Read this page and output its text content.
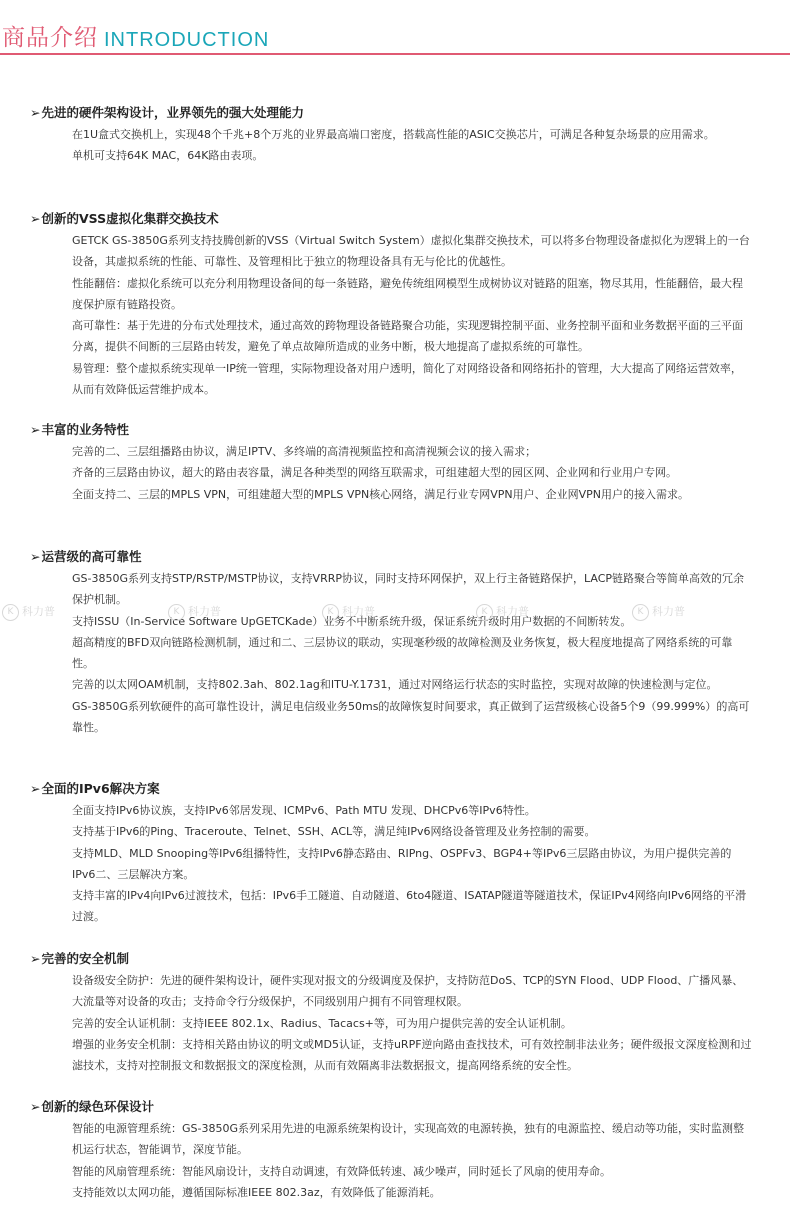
商品介绍 INTRODUCTION
➢先进的硬件架构设计，业界领先的强大处理能力
在1U盒式交换机上，实现48个千兆+8个万兆的业界最高端口密度，搭载高性能的ASIC交换芯片，可满足各种复杂场景的应用需求。
单机可支持64K MAC，64K路由表项。
➢创新的VSS虚拟化集群交换技术
GETCK GS-3850G系列支持技腾创新的VSS（Virtual Switch System）虚拟化集群交换技术，可以将多台物理设备虚拟化为逻辑上的一台设备，其虚拟系统的性能、可靠性、及管理相比于独立的物理设备具有无与伦比的优越性。
性能翻倍：虚拟化系统可以充分利用物理设备间的每一条链路，避免传统组网模型生成树协议对链路的阻塞，物尽其用，性能翻倍，最大程度保护原有链路投资。
高可靠性：基于先进的分布式处理技术，通过高效的跨物理设备链路聚合功能，实现逻辑控制平面、业务控制平面和业务数据平面的三平面分离，提供不间断的三层路由转发，避免了单点故障所造成的业务中断，极大地提高了虚拟系统的可靠性。
易管理：整个虚拟系统实现单一IP统一管理，实际物理设备对用户透明，简化了对网络设备和网络拓扑的管理，大大提高了网络运营效率，从而有效降低运营维护成本。
➢丰富的业务特性
完善的二、三层组播路由协议，满足IPTV、多终端的高清视频监控和高清视频会议的接入需求；
齐备的三层路由协议，超大的路由表容量，满足各种类型的网络互联需求，可组建超大型的园区网、企业网和行业用户专网。
全面支持二、三层的MPLS VPN，可组建超大型的MPLS VPN核心网络，满足行业专网VPN用户、企业网VPN用户的接入需求。
➢运营级的高可靠性
GS-3850G系列支持STP/RSTP/MSTP协议，支持VRRP协议，同时支持环网保护，双上行主备链路保护，LACP链路聚合等简单高效的冗余保护机制。
支持ISSU（In-Service Software UpGETCKade）业务不中断系统升级，保证系统升级时用户数据的不间断转发。
超高精度的BFD双向链路检测机制，通过和二、三层协议的联动，实现毫秒级的故障检测及业务恢复，极大程度地提高了网络系统的可靠性。
完善的以太网OAM机制，支持802.3ah、802.1ag和ITU-Y.1731，通过对网络运行状态的实时监控，实现对故障的快速检测与定位。
GS-3850G系列软硬件的高可靠性设计，满足电信级业务50ms的故障恢复时间要求，真正做到了运营级核心设备5个9（99.999%）的高可靠性。
➢全面的IPv6解决方案
全面支持IPv6协议族，支持IPv6邻居发现、ICMPv6、Path MTU 发现、DHCPv6等IPv6特性。
支持基于IPv6的Ping、Traceroute、Telnet、SSH、ACL等，满足纯IPv6网络设备管理及业务控制的需要。
支持MLD、MLD Snooping等IPv6组播特性，支持IPv6静态路由、RIPng、OSPFv3、BGP4+等IPv6三层路由协议，为用户提供完善的IPv6二、三层解决方案。
支持丰富的IPv4向IPv6过渡技术，包括：IPv6手工隧道、自动隧道、6to4隧道、ISATAP隧道等隧道技术，保证IPv4网络向IPv6网络的平滑过渡。
➢完善的安全机制
设备级安全防护：先进的硬件架构设计，硬件实现对报文的分级调度及保护，支持防范DoS、TCP的SYN Flood、UDP Flood、广播风暴、大流量等对设备的攻击；支持命令行分级保护，不同级别用户拥有不同管理权限。
完善的安全认证机制：支持IEEE 802.1x、Radius、Tacacs+等，可为用户提供完善的安全认证机制。
增强的业务安全机制：支持相关路由协议的明文或MD5认证，支持uRPF逆向路由查找技术，可有效控制非法业务；硬件级报文深度检测和过滤技术，支持对控制报文和数据报文的深度检测，从而有效隔离非法数据报文，提高网络系统的安全性。
➢创新的绿色环保设计
智能的电源管理系统：GS-3850G系列采用先进的电源系统架构设计，实现高效的电源转换，独有的电源监控、缓启动等功能，实时监测整机运行状态，智能调节，深度节能。
智能的风扇管理系统：智能风扇设计，支持自动调速，有效降低转速、减少噪声，同时延长了风扇的使用寿命。
支持能效以太网功能，遵循国际标准IEEE 802.3az，有效降低了能源消耗。
K 科力普	K 科力普	K 科力普	K 科力普	K 科力普
